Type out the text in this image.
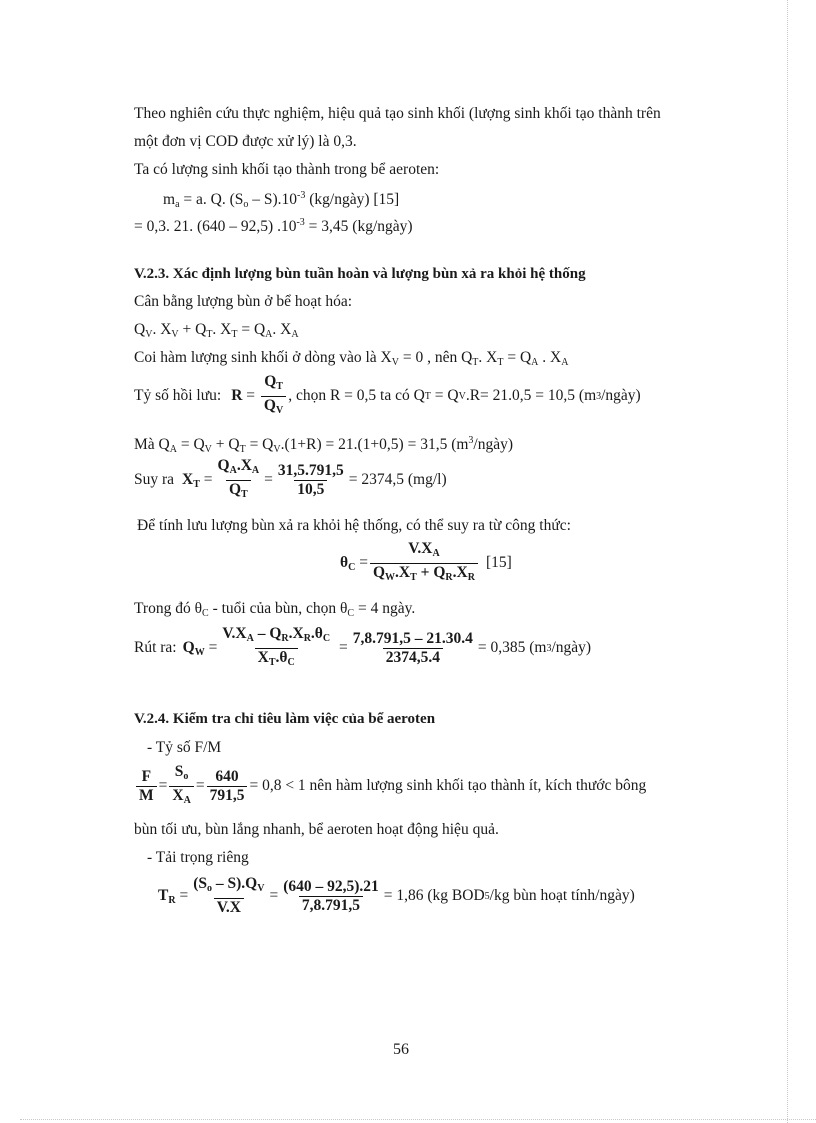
Theo nghiên cứu thực nghiệm, hiệu quả tạo sinh khối (lượng sinh khối tạo thành trên
một đơn vị COD được xử lý) là 0,3.
Ta có lượng sinh khối tạo thành trong bể aeroten:
$m_a = a$. Q. $(S_o - S).10^{-3}$ (kg/ngày) [15]
= 0,3. 21. (640 – 92,5) $.10^{-3} = 3,45$ (kg/ngày)
V.2.3. Xác định lượng bùn tuần hoàn và lượng bùn xả ra khỏi hệ thống
Cân bằng lượng bùn ở bể hoạt hóa:
$Q_V$. $X_V + Q_T$. $X_T = Q_A$. $X_A$
Coi hàm lượng sinh khối ở dòng vào là $X_V = 0$ , nên $Q_T$. $X_T = Q_A$ . $X_A$
Tỷ số hồi lưu: $R = \frac{Q_T}{Q_V}$ , chọn R = 0,5 ta có Q T = Q V .R = 21.0,5 = 10,5 (m 3 /ngày)
Mà $Q_A = Q_V + Q_T = Q_V.(1+R) = 21.(1+0,5) = 31,5$ $(m^3/ngày)$
Suy ra $X_T = \frac{Q_A.X_A}{Q_T} = \frac{31,5.791,5}{10,5} = 2374,5$ (mg/l)
Để tính lưu lượng bùn xả ra khỏi hệ thống, có thể suy ra từ công thức:
$\theta_C = \frac{V.X_A}{Q_W.X_T + Q_R.X_R} [15]$
Trong đó $\theta_C$ - tuổi của bùn, chọn $\theta_C = 4$ ngày.
Rút ra: $Q_W = \frac{V.X_A - Q_R.X_R.\theta_C}{X_T.\theta_C} = \frac{7,8.791,5 - 21.30.4}{2374,5.4} = 0,385$ (m 3 /ngày)
V.2.4. Kiểm tra chỉ tiêu làm việc của bể aeroten
- Tỷ số F/M
$\frac{F}{M} = \frac{S_o}{X_A} = \frac{640}{791,5} = 0,8 < 1$ nên hàm lượng sinh khối tạo thành ít, kích thước bông
bùn tối ưu, bùn lắng nhanh, bể aeroten hoạt động hiệu quả.
- Tải trọng riêng
$T_R = \frac{(S_o - S).Q_V}{V.X} = \frac{(640 - 92,5).21}{7,8.791,5} = 1,86$ (kg BOD 5 /kg bùn hoạt tính/ngày)
56
